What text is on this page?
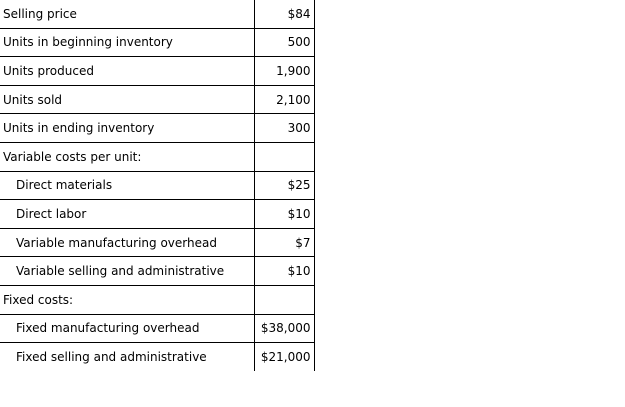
Selling price	$84
Units in beginning inventory	500
Units produced	1,900
Units sold	2,100
Units in ending inventory	300
Variable costs per unit:	
Direct materials	$25
Direct labor	$10
Variable manufacturing overhead	$7
Variable selling and administrative	$10
Fixed costs:	
Fixed manufacturing overhead	$38,000
Fixed selling and administrative	$21,000
